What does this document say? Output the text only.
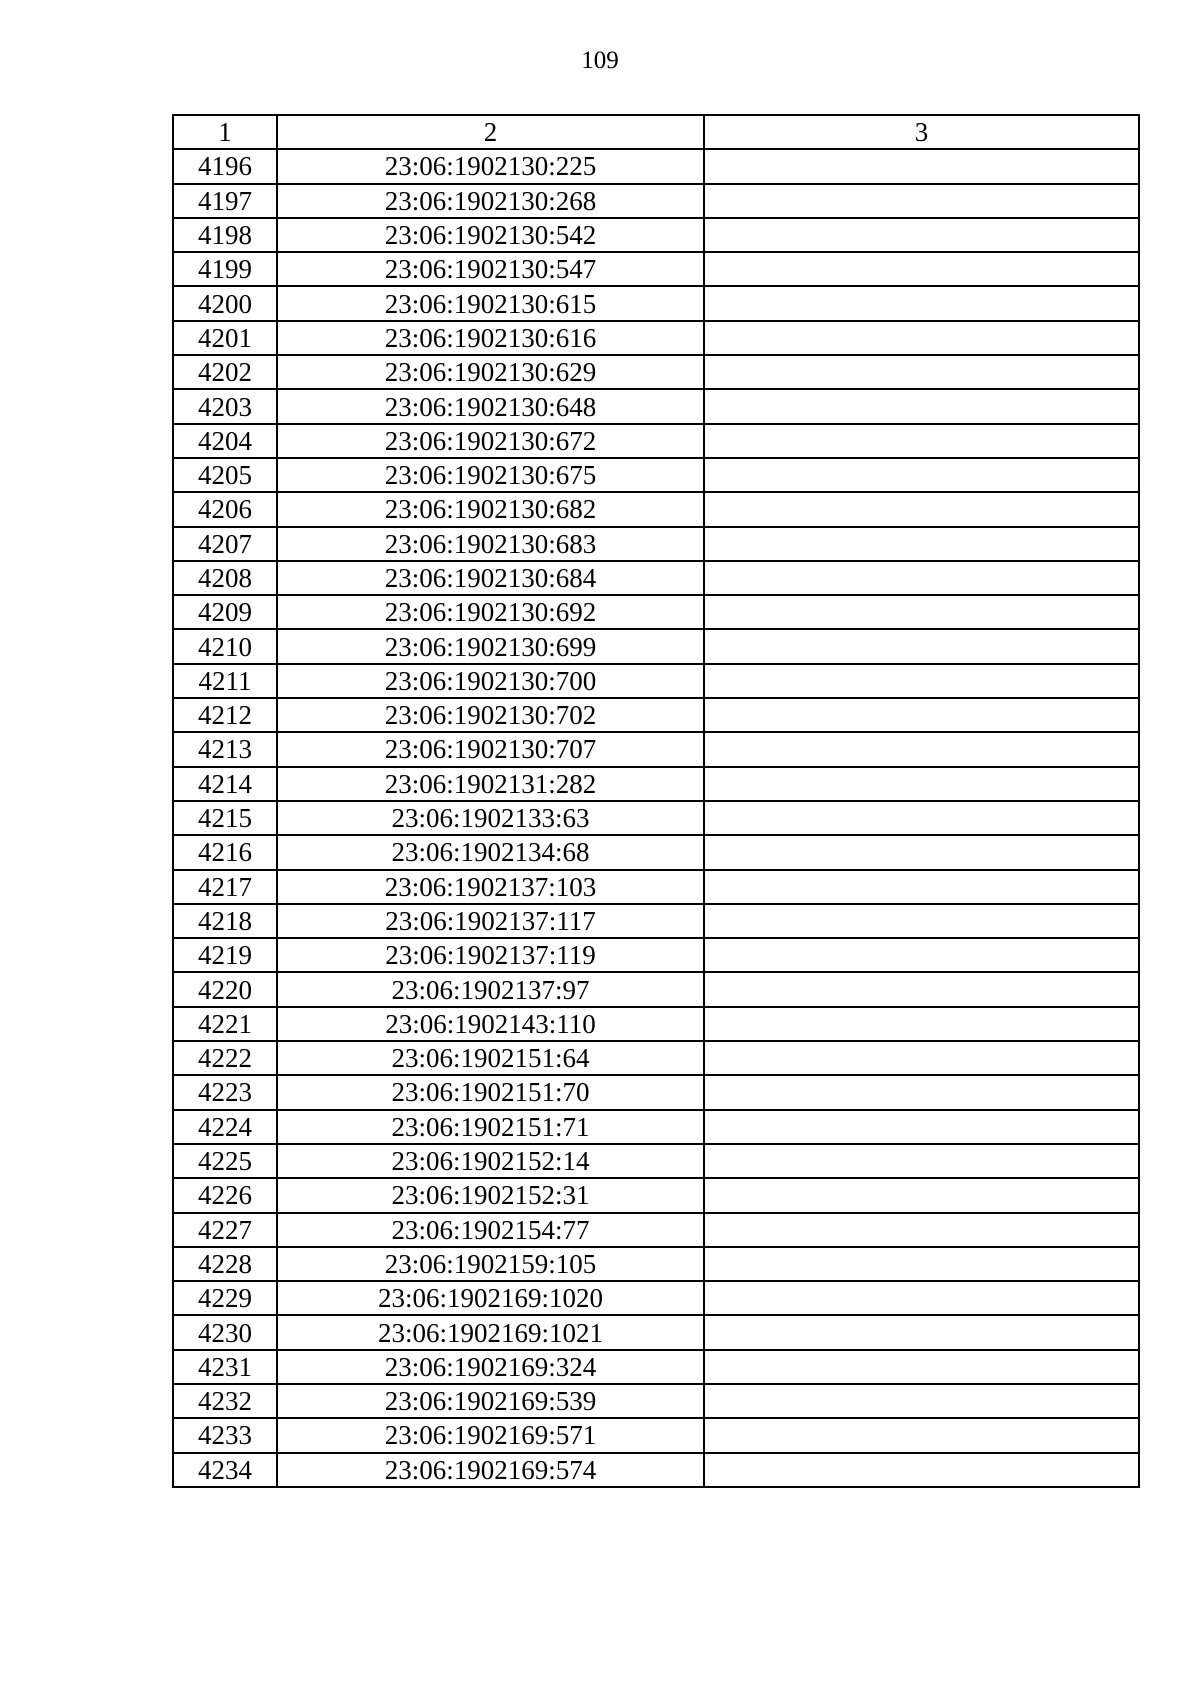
109
1	2	3
4196	23:06:1902130:225	
4197	23:06:1902130:268	
4198	23:06:1902130:542	
4199	23:06:1902130:547	
4200	23:06:1902130:615	
4201	23:06:1902130:616	
4202	23:06:1902130:629	
4203	23:06:1902130:648	
4204	23:06:1902130:672	
4205	23:06:1902130:675	
4206	23:06:1902130:682	
4207	23:06:1902130:683	
4208	23:06:1902130:684	
4209	23:06:1902130:692	
4210	23:06:1902130:699	
4211	23:06:1902130:700	
4212	23:06:1902130:702	
4213	23:06:1902130:707	
4214	23:06:1902131:282	
4215	23:06:1902133:63	
4216	23:06:1902134:68	
4217	23:06:1902137:103	
4218	23:06:1902137:117	
4219	23:06:1902137:119	
4220	23:06:1902137:97	
4221	23:06:1902143:110	
4222	23:06:1902151:64	
4223	23:06:1902151:70	
4224	23:06:1902151:71	
4225	23:06:1902152:14	
4226	23:06:1902152:31	
4227	23:06:1902154:77	
4228	23:06:1902159:105	
4229	23:06:1902169:1020	
4230	23:06:1902169:1021	
4231	23:06:1902169:324	
4232	23:06:1902169:539	
4233	23:06:1902169:571	
4234	23:06:1902169:574	
